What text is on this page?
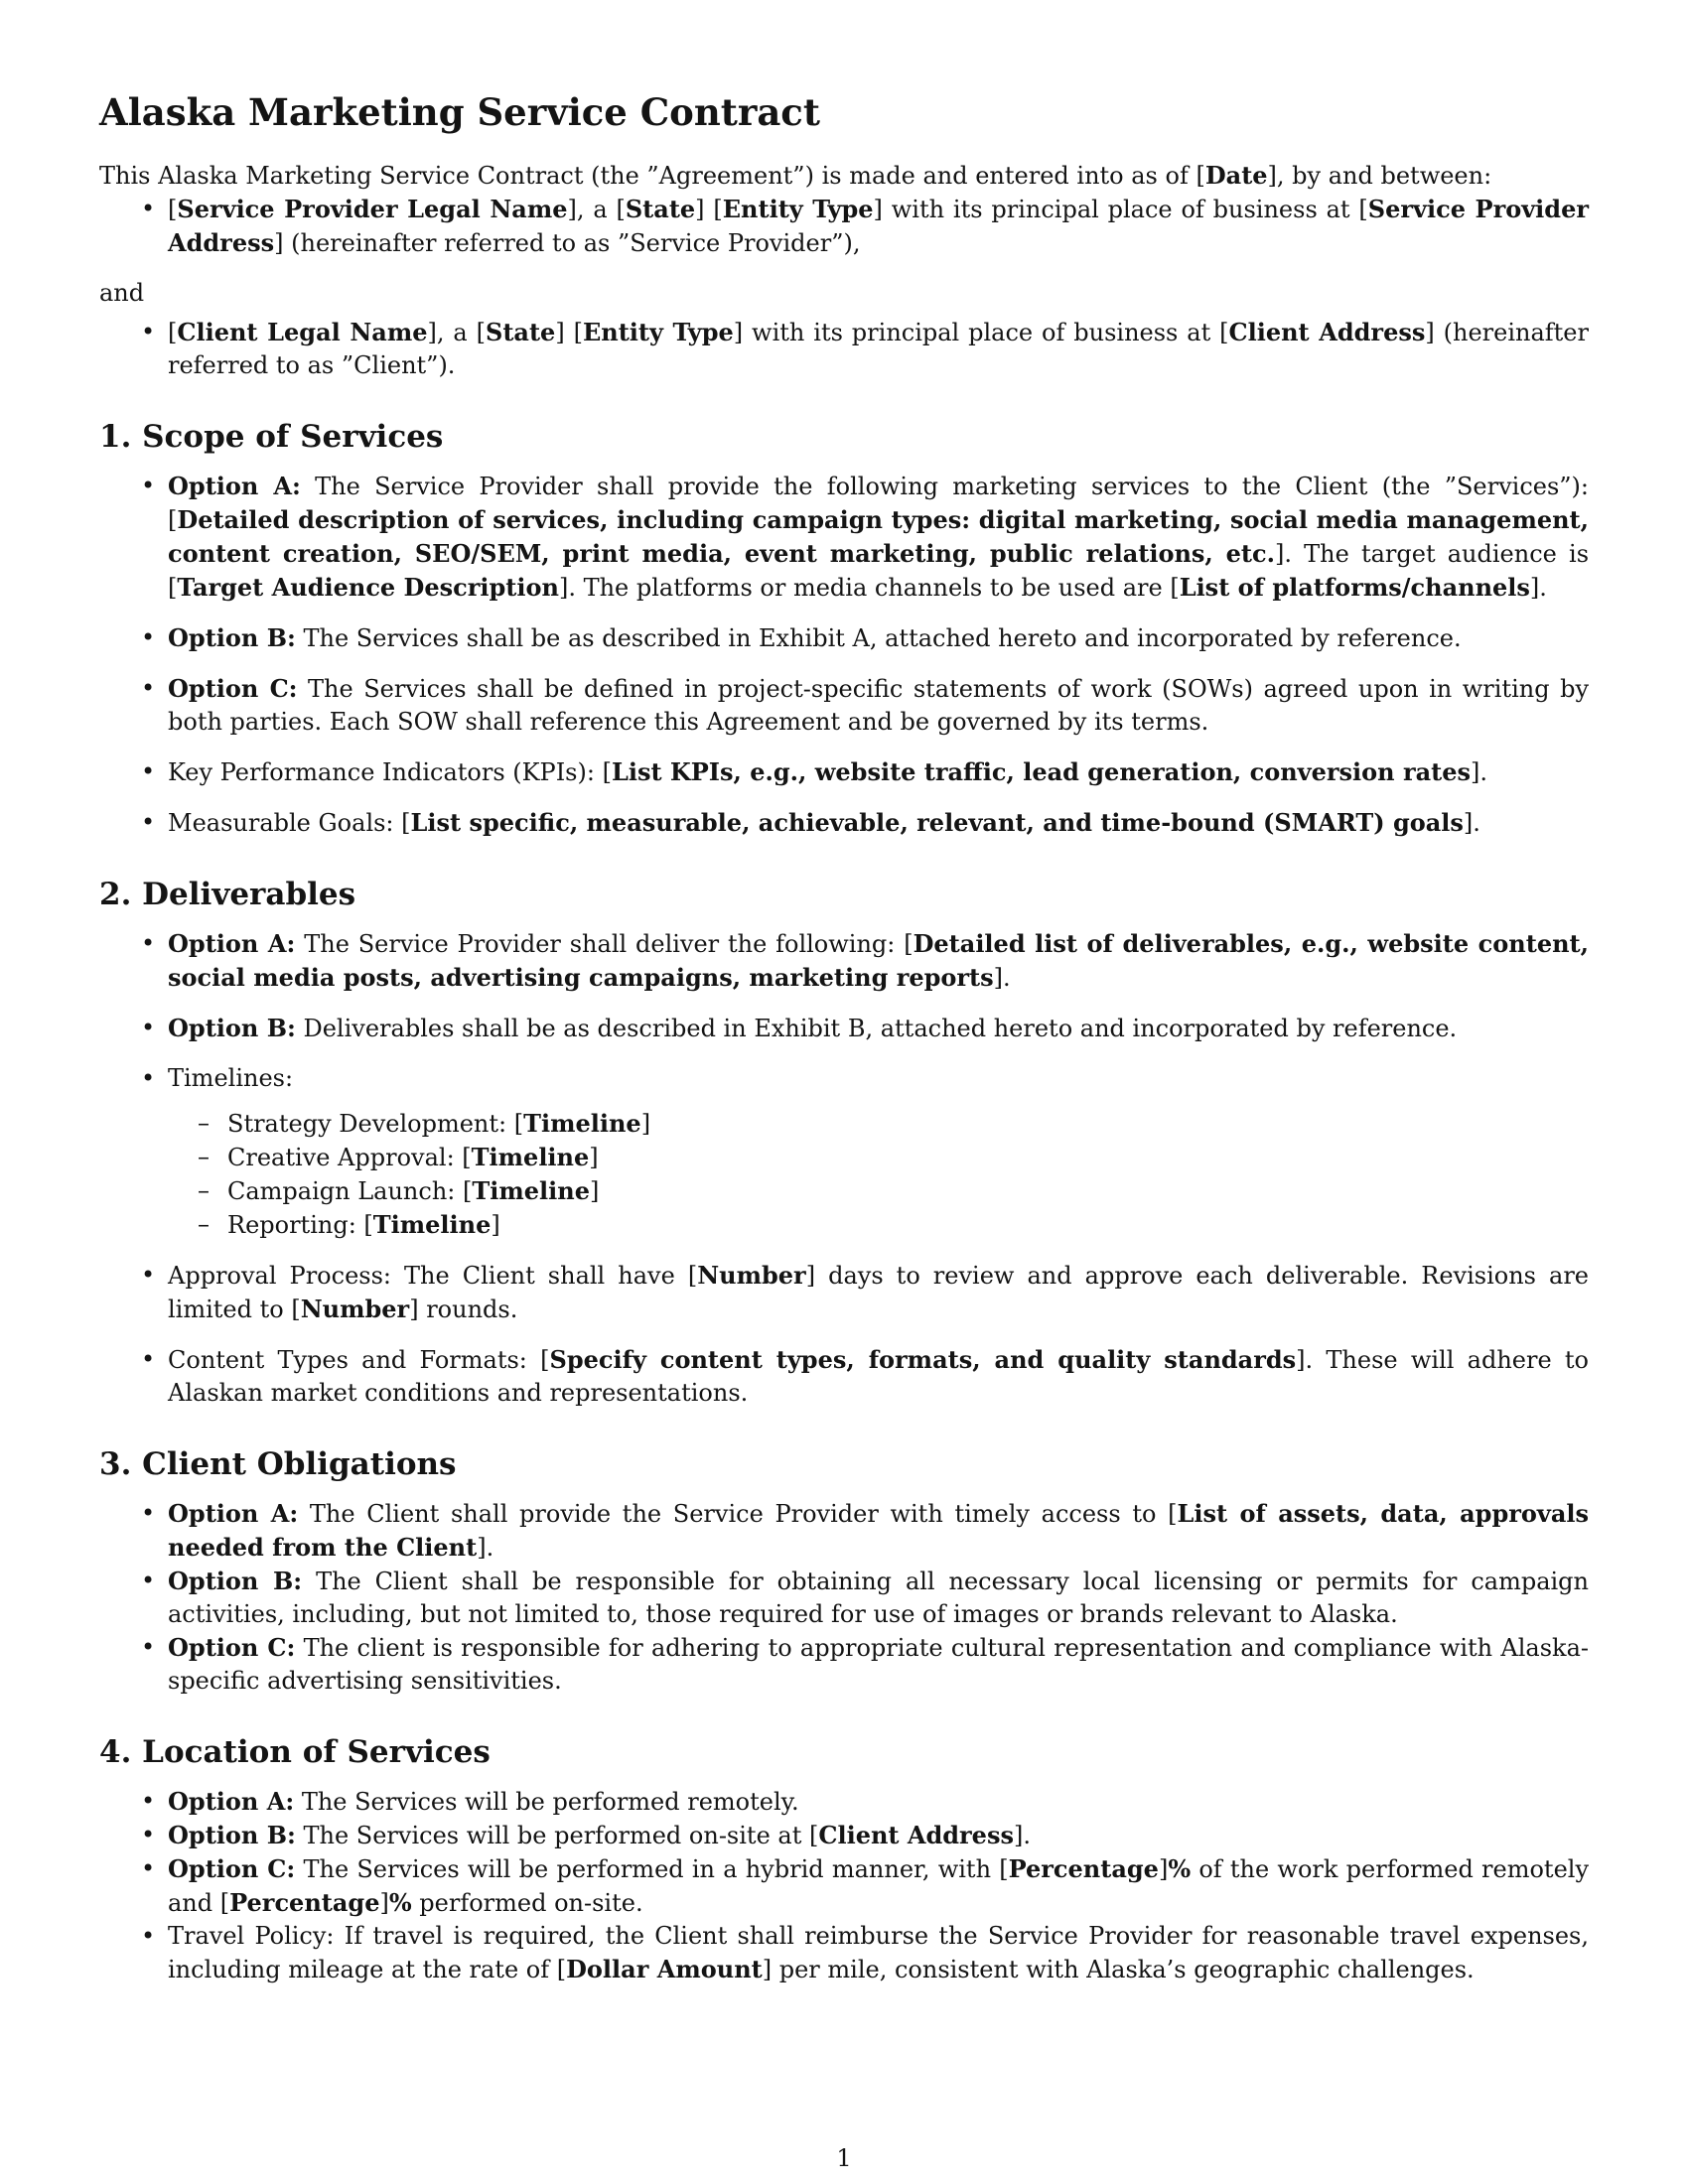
Alaska Marketing Service Contract

This Alaska Marketing Service Contract (the ”Agreement”) is made and entered into as of [Date], by and between:

• [Service Provider Legal Name], a [State] [Entity Type] with its principal place of business at [Service Provider Address] (hereinafter referred to as ”Service Provider”),

and

• [Client Legal Name], a [State] [Entity Type] with its principal place of business at [Client Address] (hereinafter referred to as ”Client”).
1. Scope of Services
• Option A: The Service Provider shall provide the following marketing services to the Client (the ”Services”): [Detailed description of services, including campaign types: digital marketing, social media management, content creation, SEO/SEM, print media, event marketing, public relations, etc.]. The target audience is [Target Audience Description]. The platforms or media channels to be used are [List of platforms/channels].
• Option B: The Services shall be as described in Exhibit A, attached hereto and incorporated by reference.
• Option C: The Services shall be defined in project-specific statements of work (SOWs) agreed upon in writing by both parties. Each SOW shall reference this Agreement and be governed by its terms.
• Key Performance Indicators (KPIs): [List KPIs, e.g., website traffic, lead generation, conversion rates].
• Measurable Goals: [List specific, measurable, achievable, relevant, and time-bound (SMART) goals].
2. Deliverables
• Option A: The Service Provider shall deliver the following: [Detailed list of deliverables, e.g., website content, social media posts, advertising campaigns, marketing reports].
• Option B: Deliverables shall be as described in Exhibit B, attached hereto and incorporated by reference.
• Timelines:
– Strategy Development: [Timeline]
– Creative Approval: [Timeline]
– Campaign Launch: [Timeline]
– Reporting: [Timeline]
• Approval Process: The Client shall have [Number] days to review and approve each deliverable. Revisions are limited to [Number] rounds.
• Content Types and Formats: [Specify content types, formats, and quality standards]. These will adhere to Alaskan market conditions and representations.
3. Client Obligations
• Option A: The Client shall provide the Service Provider with timely access to [List of assets, data, approvals needed from the Client].
• Option B: The Client shall be responsible for obtaining all necessary local licensing or permits for campaign activities, including, but not limited to, those required for use of images or brands relevant to Alaska.
• Option C: The client is responsible for adhering to appropriate cultural representation and compliance with Alaska-specific advertising sensitivities.
4. Location of Services
• Option A: The Services will be performed remotely.
• Option B: The Services will be performed on-site at [Client Address].
• Option C: The Services will be performed in a hybrid manner, with [Percentage]% of the work performed remotely and [Percentage]% performed on-site.
• Travel Policy: If travel is required, the Client shall reimburse the Service Provider for reasonable travel expenses, including mileage at the rate of [Dollar Amount] per mile, consistent with Alaska’s geographic challenges.
1
